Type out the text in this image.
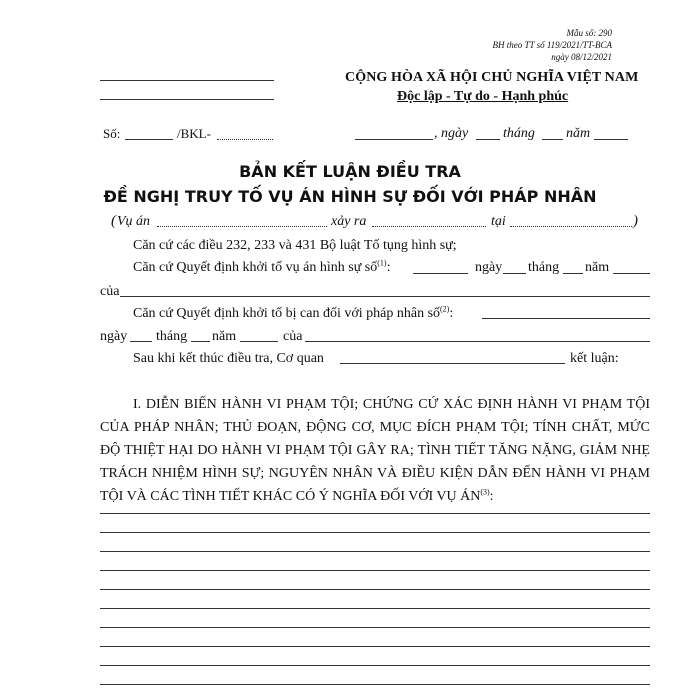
Mẫu số: 290
BH theo TT số 119/2021/TT-BCA
ngày 08/12/2021
CỘNG HÒA XÃ HỘI CHỦ NGHĨA VIỆT NAM
Độc lập - Tự do - Hạnh phúc
Số:	/BKL-	, ngày tháng năm
BẢN KẾT LUẬN ĐIỀU TRA
ĐỀ NGHỊ TRUY TỐ VỤ ÁN HÌNH SỰ ĐỐI VỚI PHÁP NHÂN
( Vụ án	xảy ra	tại	)
Căn cứ các điều 232, 233 và 431 Bộ luật Tố tụng hình sự;
Căn cứ Quyết định khởi tố vụ án hình sự số$^{(1)}$:	ngày tháng năm
của
Căn cứ Quyết định khởi tố bị can đối với pháp nhân số$^{(2)}$:
ngày tháng năm	của
Sau khi kết thúc điều tra, Cơ quan	kết luận:
I. DIỄN BIẾN HÀNH VI PHẠM TỘI; CHỨNG CỨ XÁC ĐỊNH HÀNH VI PHẠM TỘI CỦA PHÁP NHÂN; THỦ ĐOẠN, ĐỘNG CƠ, MỤC ĐÍCH PHẠM TỘI; TÍNH CHẤT, MỨC ĐỘ THIỆT HẠI DO HÀNH VI PHẠM TỘI GÂY RA; TÌNH TIẾT TĂNG NẶNG, GIẢM NHẸ TRÁCH NHIỆM HÌNH SỰ; NGUYÊN NHÂN VÀ ĐIỀU KIỆN DẪN ĐẾN HÀNH VI PHẠM TỘI VÀ CÁC TÌNH TIẾT KHÁC CÓ Ý NGHĨA ĐỐI VỚI VỤ ÁN$^{(3)}$:
